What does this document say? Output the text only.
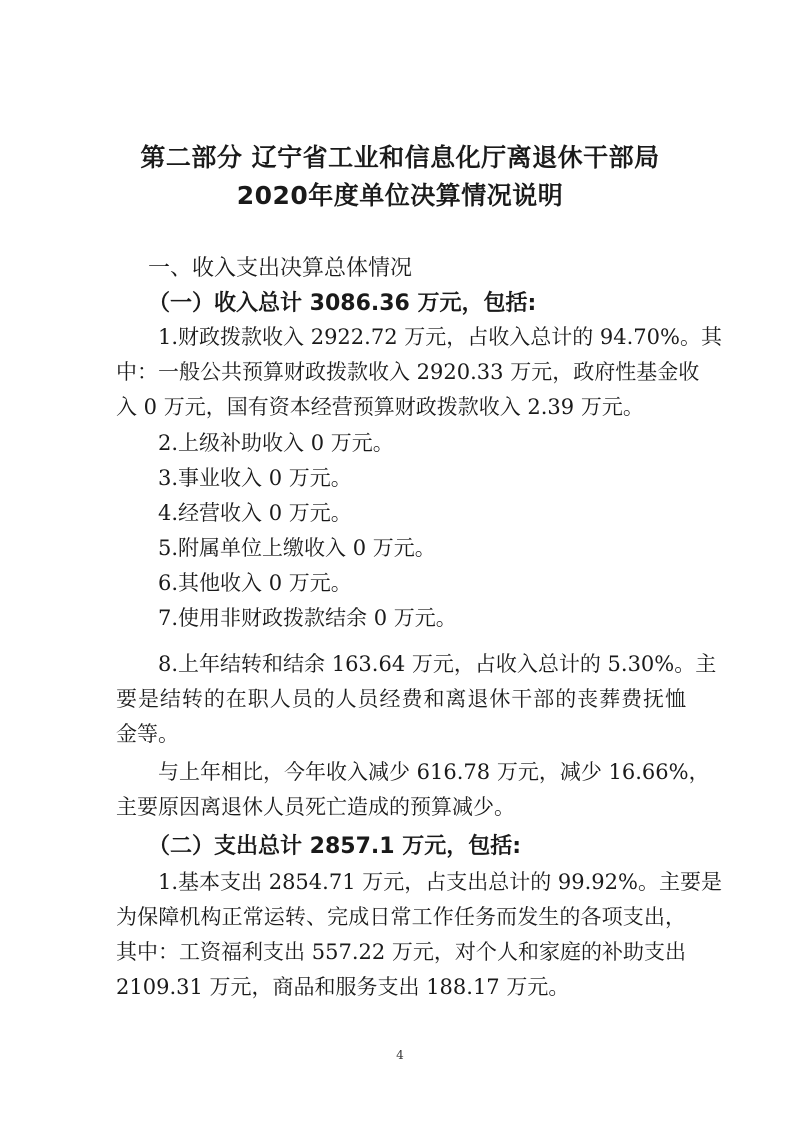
第二部分 辽宁省工业和信息化厅离退休干部局
2020年度单位决算情况说明
一、收入支出决算总体情况
（一）收入总计 3086.36 万元，包括:
1.财政拨款收入 2922.72 万元，占收入总计的 94.70%。其
中：一般公共预算财政拨款收入 2920.33 万元，政府性基金收
入 0 万元，国有资本经营预算财政拨款收入 2.39 万元。
2.上级补助收入 0 万元。
3.事业收入 0 万元。
4.经营收入 0 万元。
5.附属单位上缴收入 0 万元。
6.其他收入 0 万元。
7.使用非财政拨款结余 0 万元。
8.上年结转和结余 163.64 万元，占收入总计的 5.30%。主
要是结转的在职人员的人员经费和离退休干部的丧葬费抚恤
金等。
与上年相比，今年收入减少 616.78 万元，减少 16.66%，
主要原因离退休人员死亡造成的预算减少。
（二）支出总计 2857.1 万元，包括:
1.基本支出 2854.71 万元，占支出总计的 99.92%。主要是
为保障机构正常运转、完成日常工作任务而发生的各项支出，
其中：工资福利支出 557.22 万元，对个人和家庭的补助支出
2109.31 万元，商品和服务支出 188.17 万元。
4
